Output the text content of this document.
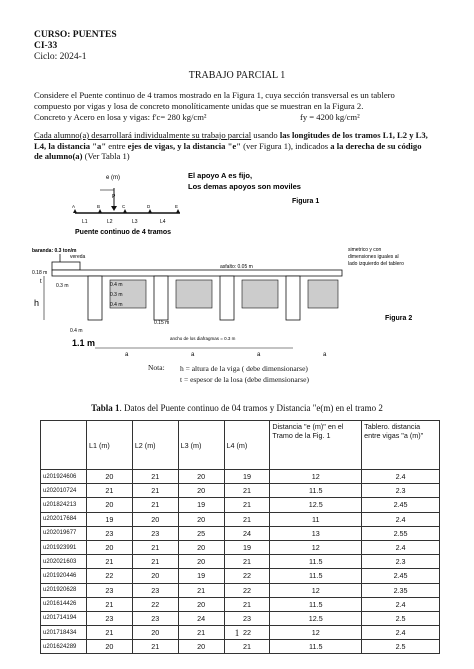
CURSO: PUENTES
CI-33
Ciclo: 2024-1
TRABAJO PARCIAL 1
Considere el Puente continuo de 4 tramos mostrado en la Figura 1, cuya sección transversal es un tablero
compuesto por vigas y losa de concreto monolíticamente unidas que se muestran en la Figura 2.
Concreto y Acero en losa y vigas: f'c= 280 kg/cm²	fy = 4200 kg/cm²
Cada alumno(a) desarrollará individualmente su trabajo parcial usando las longitudes de los tramos L1, L2 y L3,
L4, la distancia "a" entre ejes de vigas, y la distancia "e" (ver Figura 1), indicados a la derecha de su código
de alumno(a) (Ver Tabla 1)
e (m)
P
L1	L2	L3	L4
A	B	C	D	E
Puente continuo de 4 tramos
El apoyo A es fijo,
Los demas apoyos son moviles
Figura 1
baranda: 0.3 ton/m
vereda
asfalto: 0.05 m
simetrico y con
dimensiones iguales al
lado izquierdo del tablero
0.18 m
t
0.3 m
h
0.4 m
0.3 m
0.4 m
0.15 m
0.4 m
ancho de los diafragmas = 0.3 m
1.1 m
a	a	a	a
Figura 2
Nota: h = altura de la viga ( debe dimensionarse)
t = espesor de la losa (debe dimensionarse)
Tabla 1. Datos del Puente continuo de 04 tramos y Distancia "e(m) en el tramo 2
	L1 (m)	L2 (m)	L3 (m)	L4 (m)	Distancia "e (m)" en el Tramo de la Fig. 1	Tablero. distancia entre vigas "a (m)"
u201924606	20	21	20	19	12	2.4
u202010724	21	21	20	21	11.5	2.3
u201824213	20	21	19	21	12.5	2.45
u202017684	19	20	20	21	11	2.4
u202019677	23	23	25	24	13	2.55
u201923991	20	21	20	19	12	2.4
u202021603	21	21	20	21	11.5	2.3
u201920446	22	20	19	22	11.5	2.45
u201920628	23	23	21	22	12	2.35
u201614426	21	22	20	21	11.5	2.4
u201714194	23	23	24	23	12.5	2.5
u201718434	21	20	21	22	12	2.4
u201624289	20	21	20	21	11.5	2.5
1
